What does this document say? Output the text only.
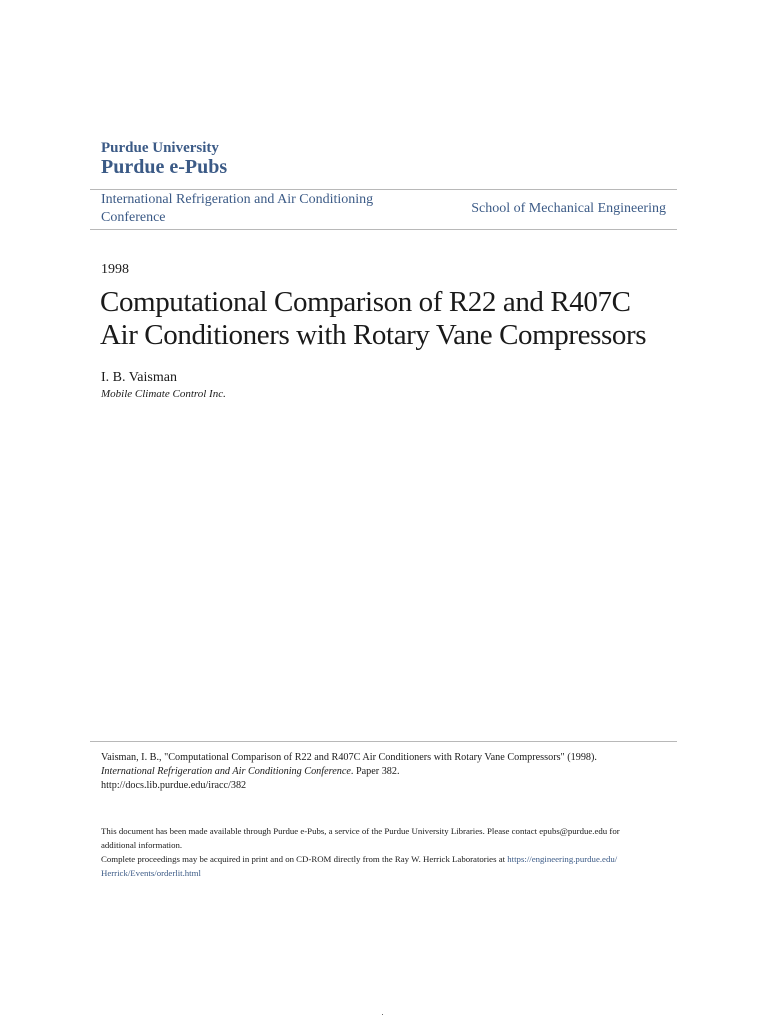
Purdue University
Purdue e-Pubs
International Refrigeration and Air Conditioning
Conference
School of Mechanical Engineering
1998
Computational Comparison of R22 and R407C
Air Conditioners with Rotary Vane Compressors
I. B. Vaisman
Mobile Climate Control Inc.
Vaisman, I. B., "Computational Comparison of R22 and R407C Air Conditioners with Rotary Vane Compressors" (1998).
International Refrigeration and Air Conditioning Conference. Paper 382.
http://docs.lib.purdue.edu/iracc/382
This document has been made available through Purdue e-Pubs, a service of the Purdue University Libraries. Please contact epubs@purdue.edu for
additional information.
Complete proceedings may be acquired in print and on CD-ROM directly from the Ray W. Herrick Laboratories at https://engineering.purdue.edu/
Herrick/Events/orderlit.html
